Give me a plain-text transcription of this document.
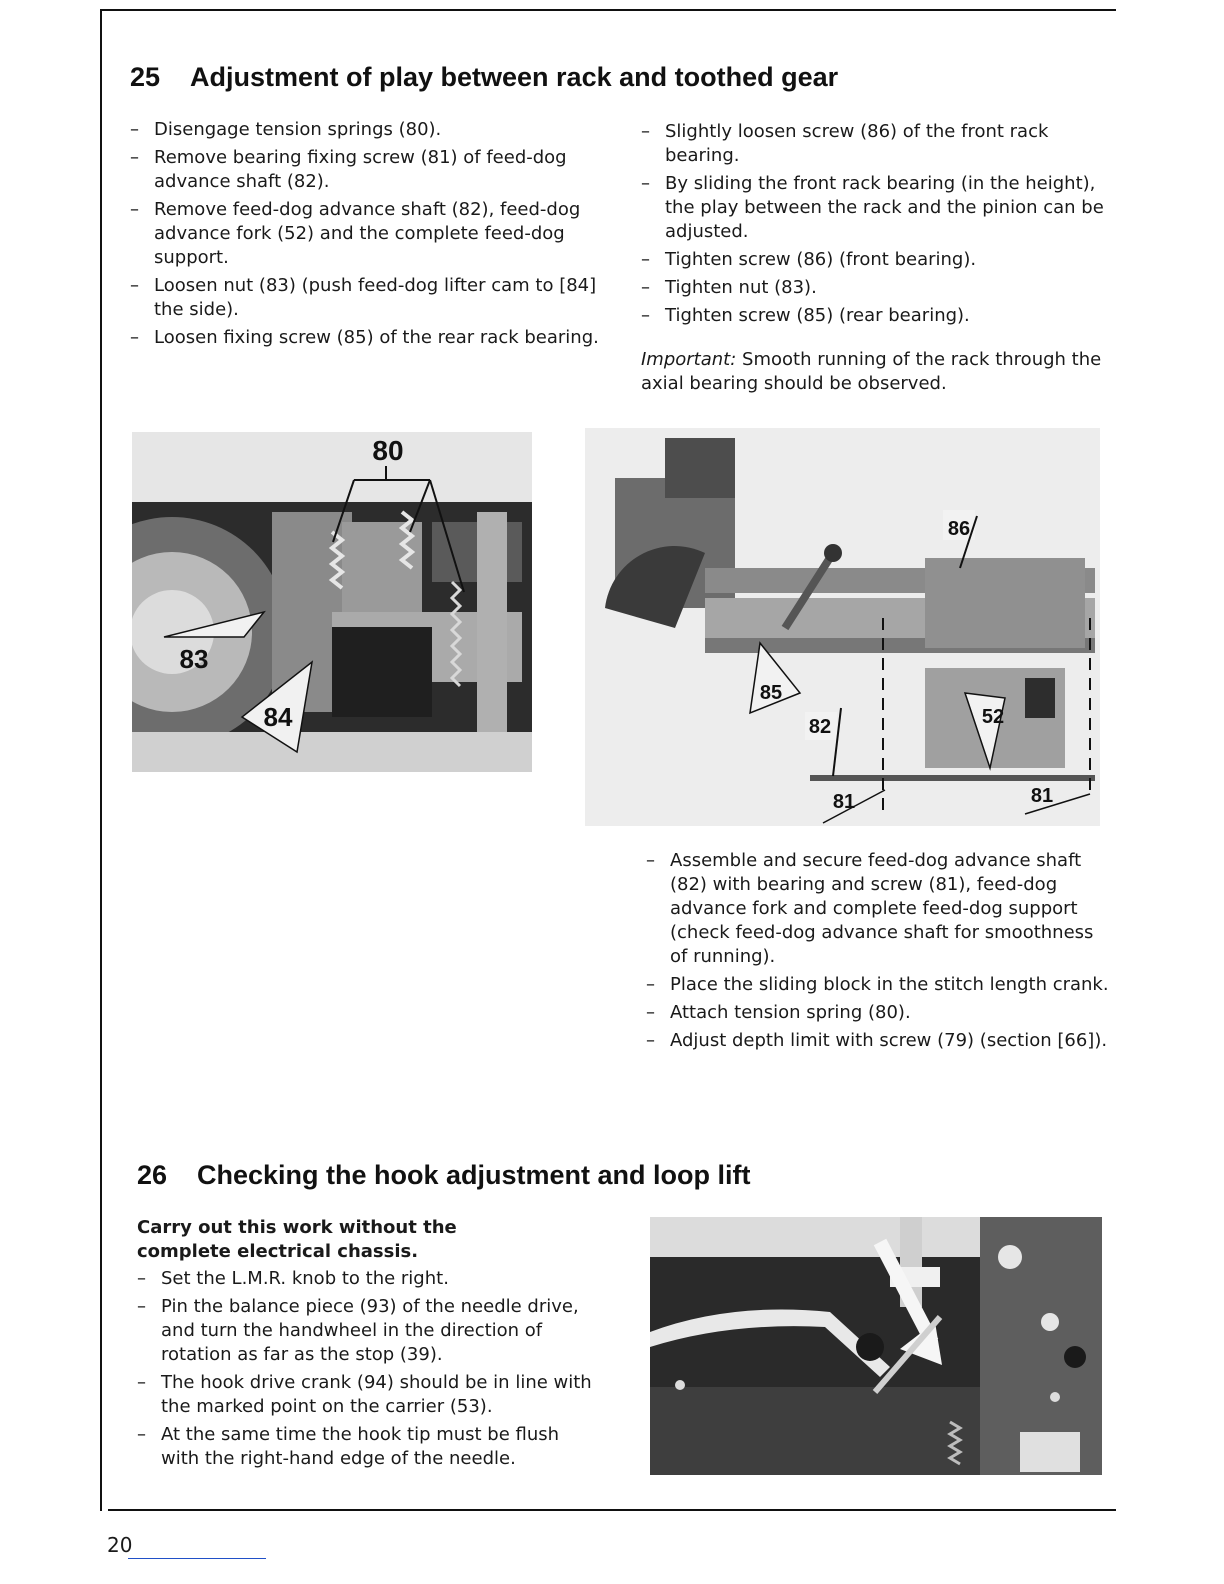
25 Adjustment of play between rack and toothed gear
– Disengage tension springs (80).
– Remove bearing fixing screw (81) of feed-dog advance shaft (82).
– Remove feed-dog advance shaft (82), feed-dog advance fork (52) and the complete feed-dog support.
– Loosen nut (83) (push feed-dog lifter cam to [84] the side).
– Loosen fixing screw (85) of the rear rack bearing.
– Slightly loosen screw (86) of the front rack bearing.
– By sliding the front rack bearing (in the height), the play between the rack and the pinion can be adjusted.
– Tighten screw (86) (front bearing).
– Tighten nut (83).
– Tighten screw (85) (rear bearing).

Important: Smooth running of the rack through the axial bearing should be observed.

80
83
84
85
52
86
82
81	81
– Assemble and secure feed-dog advance shaft (82) with bearing and screw (81), feed-dog advance fork and complete feed-dog support (check feed-dog advance shaft for smoothness of running).
– Place the sliding block in the stitch length crank.
– Attach tension spring (80).
– Adjust depth limit with screw (79) (section [66]).
26 Checking the hook adjustment and loop lift

Carry out this work without the complete electrical chassis.

– Set the L.M.R. knob to the right.
– Pin the balance piece (93) of the needle drive, and turn the handwheel in the direction of rotation as far as the stop (39).
– The hook drive crank (94) should be in line with the marked point on the carrier (53).
– At the same time the hook tip must be flush with the right-hand edge of the needle.
20
